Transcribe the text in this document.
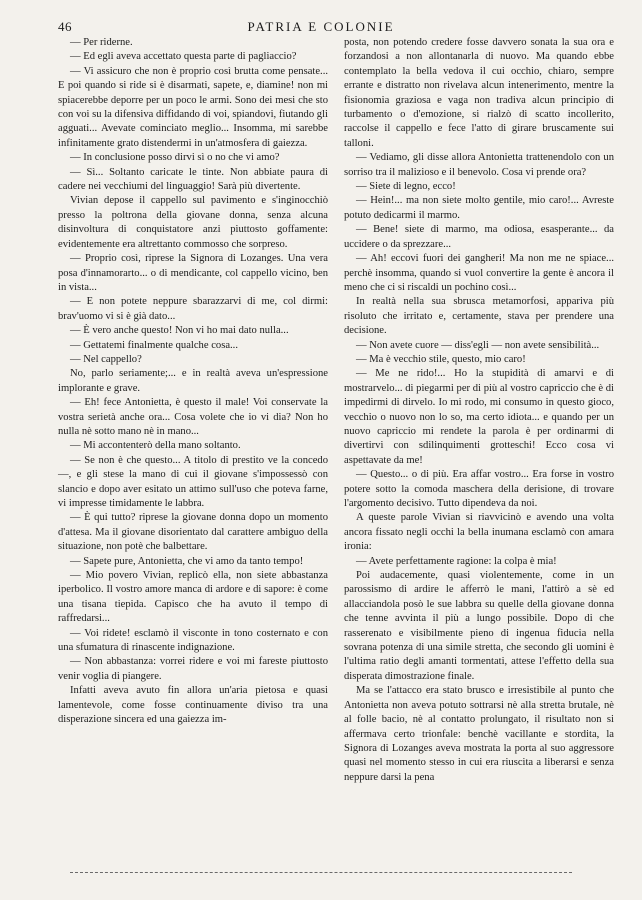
46	PATRIA E COLONIE

— Per riderne.

— Ed egli aveva accettato questa parte di pagliaccio?

— Vi assicuro che non è proprio così brutta come pensate... E poi quando si ride si è disarmati, sapete, e, diamine! non mi spiacerebbe deporre per un poco le armi. Sono dei mesi che sto con voi su la difensiva diffidando di voi, spiandovi, fiutando gli agguati... Avevate cominciato meglio... Insomma, mi sarebbe infinitamente grato distendermi in un'atmosfera di gaiezza.

— In conclusione posso dirvi sì o no che vi amo?

— Sì... Soltanto caricate le tinte. Non abbiate paura di cadere nei vecchiumi del linguaggio! Sarà più divertente.

Vivian depose il cappello sul pavimento e s'inginocchiò presso la poltrona della giovane donna, senza alcuna disinvoltura di conquistatore anzi piuttosto goffamente: evidentemente era altrettanto commosso che sorpreso.

— Proprio così, riprese la Signora di Lozanges. Una vera posa d'innamorarto... o di mendicante, col cappello vicino, ben in vista...

— E non potete neppure sbarazzarvi di me, col dirmi: brav'uomo vi si è già dato...

— È vero anche questo! Non vi ho mai dato nulla...

— Gettatemi finalmente qualche cosa...

— Nel cappello?

No, parlo seriamente;... e in realtà aveva un'espressione implorante e grave.

— Eh! fece Antonietta, è questo il male! Voi conservate la vostra serietà anche ora... Cosa volete che io vi dia? Non ho nulla nè sotto mano nè in mano...

— Mi accontenterò della mano soltanto.

— Se non è che questo... A titolo di prestito ve la concedo —, e gli stese la mano di cui il giovane s'impossessò con slancio e dopo aver esitato un attimo sull'uso che poteva farne, vi impresse timidamente le labbra.

— È qui tutto? riprese la giovane donna dopo un momento d'attesa. Ma il giovane disorientato dal carattere ambiguo della situazione, non potè che balbettare.

— Sapete pure, Antonietta, che vi amo da tanto tempo!

— Mio povero Vivian, replicò ella, non siete abbastanza iperbolico. Il vostro amore manca di ardore e di sapore: è come una tisana tiepida. Capisco che ha avuto il tempo di raffredarsi...

— Voi ridete! esclamò il visconte in tono costernato e con una sfumatura di rinascente indignazione.

— Non abbastanza: vorrei ridere e voi mi fareste piuttosto venir voglia di piangere.

Infatti aveva avuto fin allora un'aria pietosa e quasi lamentevole, come fosse continuamente diviso tra una disperazione sincera ed una gaiezza im-

posta, non potendo credere fosse davvero sonata la sua ora e forzandosi a non allontanarla di nuovo. Ma quando ebbe contemplato la bella vedova il cui occhio, chiaro, sempre errante e distratto non rivelava alcun intenerimento, mentre la fisionomia graziosa e vaga non tradiva alcun principio di turbamento o d'emozione, si rialzò di scatto incollerito, raccolse il cappello e fece l'atto di girare bruscamente sui talloni.

— Vediamo, gli disse allora Antonietta trattenendolo con un sorriso tra il malizioso e il benevolo. Cosa vi prende ora?

— Siete di legno, ecco!

— Hein!... ma non siete molto gentile, mio caro!... Avreste potuto dedicarmi il marmo.

— Bene! siete di marmo, ma odiosa, esasperante... da uccidere o da sprezzare...

— Ah! eccovi fuori dei gangheri! Ma non me ne spiace... perchè insomma, quando si vuol convertire la gente è ancora il meno che ci si riscaldi un pochino così...

In realtà nella sua sbrusca metamorfosi, appariva più risoluto che irritato e, certamente, stava per prendere una decisione.

— Non avete cuore — diss'egli — non avete sensibilità...

— Ma è vecchio stile, questo, mio caro!

— Me ne rido!... Ho la stupidità di amarvi e di mostrarvelo... di piegarmi per di più al vostro capriccio che è di impedirmi di dirvelo. Io mi rodo, mi consumo in questo gioco, vecchio o nuovo non lo so, ma certo idiota... e quando per un nuovo capriccio mi rendete la parola è per ordinarmi di divertirvi con sdilinquimenti grotteschi! Ecco cosa vi aspettavate da me!

— Questo... o di più. Era affar vostro... Era forse in vostro potere sotto la comoda maschera della derisione, di trovare l'argomento decisivo. Tutto dipendeva da noi.

A queste parole Vivian si riavvicinò e avendo una volta ancora fissato negli occhi la bella inumana esclamò con amara ironia:

— Avete perfettamente ragione: la colpa è mia!

Poi audacemente, quasi violentemente, come in un parossismo di ardire le afferrò le mani, l'attirò a sè ed allacciandola posò le sue labbra su quelle della giovane donna che tenne avvinta il più a lungo possibile. Dopo di che rasserenato e visibilmente pieno di ingenua fiducia nella sovrana potenza di una simile stretta, che secondo gli uomini è l'ultima ratio degli amanti tormentati, attese l'effetto della sua disperata dimostrazione finale.

Ma se l'attacco era stato brusco e irresistibile al punto che Antonietta non aveva potuto sottrarsi nè alla stretta brutale, nè al folle bacio, nè al contatto prolungato, il risultato non si affermava certo trionfale: benchè vacillante e stordita, la Signora di Lozanges aveva mostrata la porta al suo aggressore quasi nel momento stesso in cui era riuscita a liberarsi e senza neppure darsi la pena
